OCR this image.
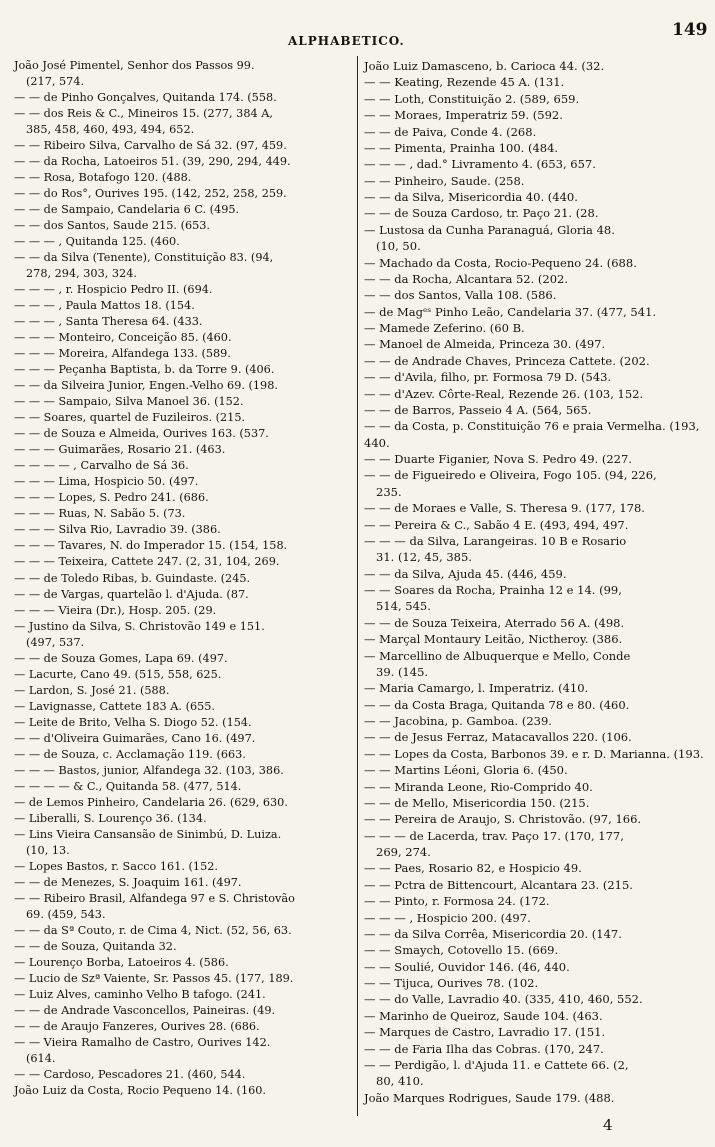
ALPHABETICO.
149

João José Pimentel, Senhor dos Passos 99.

(217, 574.

— — de Pinho Gonçalves, Quitanda 174. (558.

— — dos Reis & C., Mineiros 15. (277, 384 A,

385, 458, 460, 493, 494, 652.

— — Ribeiro Silva, Carvalho de Sá 32. (97, 459.

— — da Rocha, Latoeiros 51. (39, 290, 294, 449.

— — Rosa, Botafogo 120. (488.

— — do Ros°, Ourives 195. (142, 252, 258, 259.

— — de Sampaio, Candelaria 6 C. (495.

— — dos Santos, Saude 215. (653.

— — — , Quitanda 125. (460.

— — da Silva (Tenente), Constituição 83. (94,

278, 294, 303, 324.

— — — , r. Hospicio Pedro II. (694.

— — — , Paula Mattos 18. (154.

— — — , Santa Theresa 64. (433.

— — — Monteiro, Conceição 85. (460.

— — — Moreira, Alfandega 133. (589.

— — — Peçanha Baptista, b. da Torre 9. (406.

— — da Silveira Junior, Engen.-Velho 69. (198.

— — — Sampaio, Silva Manoel 36. (152.

— — Soares, quartel de Fuzileiros. (215.

— — de Souza e Almeida, Ourives 163. (537.

— — — Guimarães, Rosario 21. (463.

— — — — , Carvalho de Sá 36.

— — — Lima, Hospicio 50. (497.

— — — Lopes, S. Pedro 241. (686.

— — — Ruas, N. Sabão 5. (73.

— — — Silva Rio, Lavradio 39. (386.

— — — Tavares, N. do Imperador 15. (154, 158.

— — — Teixeira, Cattete 247. (2, 31, 104, 269.

— — de Toledo Ribas, b. Guindaste. (245.

— — de Vargas, quartelão l. d'Ajuda. (87.

— — — Vieira (Dr.), Hosp. 205. (29.

— Justino da Silva, S. Christovão 149 e 151.

(497, 537.

— — de Souza Gomes, Lapa 69. (497.

— Lacurte, Cano 49. (515, 558, 625.

— Lardon, S. José 21. (588.

— Lavignasse, Cattete 183 A. (655.

— Leite de Brito, Velha S. Diogo 52. (154.

— — d'Oliveira Guimarães, Cano 16. (497.

— — de Souza, c. Acclamação 119. (663.

— — — Bastos, junior, Alfandega 32. (103, 386.

— — — — & C., Quitanda 58. (477, 514.

— de Lemos Pinheiro, Candelaria 26. (629, 630.

— Liberalli, S. Lourenço 36. (134.

— Lins Vieira Cansansão de Sinimbú, D. Luiza.

(10, 13.

— Lopes Bastos, r. Sacco 161. (152.

— — de Menezes, S. Joaquim 161. (497.

— — Ribeiro Brasil, Alfandega 97 e S. Christovão

69. (459, 543.

— — da Sª Couto, r. de Cima 4, Nict. (52, 56, 63.

— — de Souza, Quitanda 32.

— Lourenço Borba, Latoeiros 4. (586.

— Lucio de Szª Vaiente, Sr. Passos 45. (177, 189.

— Luiz Alves, caminho Velho B tafogo. (241.

— — de Andrade Vasconcellos, Paineiras. (49.

— — de Araujo Fanzeres, Ourives 28. (686.

— — Vieira Ramalho de Castro, Ourives 142.

(614.

— — Cardoso, Pescadores 21. (460, 544.

João Luiz da Costa, Rocio Pequeno 14. (160.

João Luiz Damasceno, b. Carioca 44. (32.

— — Keating, Rezende 45 A. (131.

— — Loth, Constituição 2. (589, 659.

— — Moraes, Imperatriz 59. (592.

— — de Paiva, Conde 4. (268.

— — Pimenta, Prainha 100. (484.

— — — , dad.° Livramento 4. (653, 657.

— — Pinheiro, Saude. (258.

— — da Silva, Misericordia 40. (440.

— — de Souza Cardoso, tr. Paço 21. (28.

— Lustosa da Cunha Paranaguá, Gloria 48.

(10, 50.

— Machado da Costa, Rocio-Pequeno 24. (688.

— — da Rocha, Alcantara 52. (202.

— — dos Santos, Valla 108. (586.

— de Magᵉˢ Pinho Leão, Candelaria 37. (477, 541.

— Mamede Zeferino. (60 B.

— Manoel de Almeida, Princeza 30. (497.

— — de Andrade Chaves, Princeza Cattete. (202.

— — d'Avila, filho, pr. Formosa 79 D. (543.

— — d'Azev. Côrte-Real, Rezende 26. (103, 152.

— — de Barros, Passeio 4 A. (564, 565.

— — da Costa, p. Constituição 76 e praia Vermelha. (193, 440.

— — Duarte Figanier, Nova S. Pedro 49. (227.

— — de Figueiredo e Oliveira, Fogo 105. (94, 226,

235.

— — de Moraes e Valle, S. Theresa 9. (177, 178.

— — Pereira & C., Sabão 4 E. (493, 494, 497.

— — — da Silva, Larangeiras. 10 B e Rosario

31. (12, 45, 385.

— — da Silva, Ajuda 45. (446, 459.

— — Soares da Rocha, Prainha 12 e 14. (99,

514, 545.

— — de Souza Teixeira, Aterrado 56 A. (498.

— Marçal Montaury Leitão, Nictheroy. (386.

— Marcellino de Albuquerque e Mello, Conde

39. (145.

— Maria Camargo, l. Imperatriz. (410.

— — da Costa Braga, Quitanda 78 e 80. (460.

— — Jacobina, p. Gamboa. (239.

— — de Jesus Ferraz, Matacavallos 220. (106.

— — Lopes da Costa, Barbonos 39. e r. D. Marianna. (193.

— — Martins Léoni, Gloria 6. (450.

— — Miranda Leone, Rio-Comprido 40.

— — de Mello, Misericordia 150. (215.

— — Pereira de Araujo, S. Christovão. (97, 166.

— — — de Lacerda, trav. Paço 17. (170, 177,

269, 274.

— — Paes, Rosario 82, e Hospicio 49.

— — Pctra de Bittencourt, Alcantara 23. (215.

— — Pinto, r. Formosa 24. (172.

— — — , Hospicio 200. (497.

— — da Silva Corrêa, Misericordia 20. (147.

— — Smaych, Cotovello 15. (669.

— — Soulié, Ouvidor 146. (46, 440.

— — Tijuca, Ourives 78. (102.

— — do Valle, Lavradio 40. (335, 410, 460, 552.

— Marinho de Queiroz, Saude 104. (463.

— Marques de Castro, Lavradio 17. (151.

— — de Faria Ilha das Cobras. (170, 247.

— — Perdigão, l. d'Ajuda 11. e Cattete 66. (2,

80, 410.

João Marques Rodrigues, Saude 179. (488.

4
